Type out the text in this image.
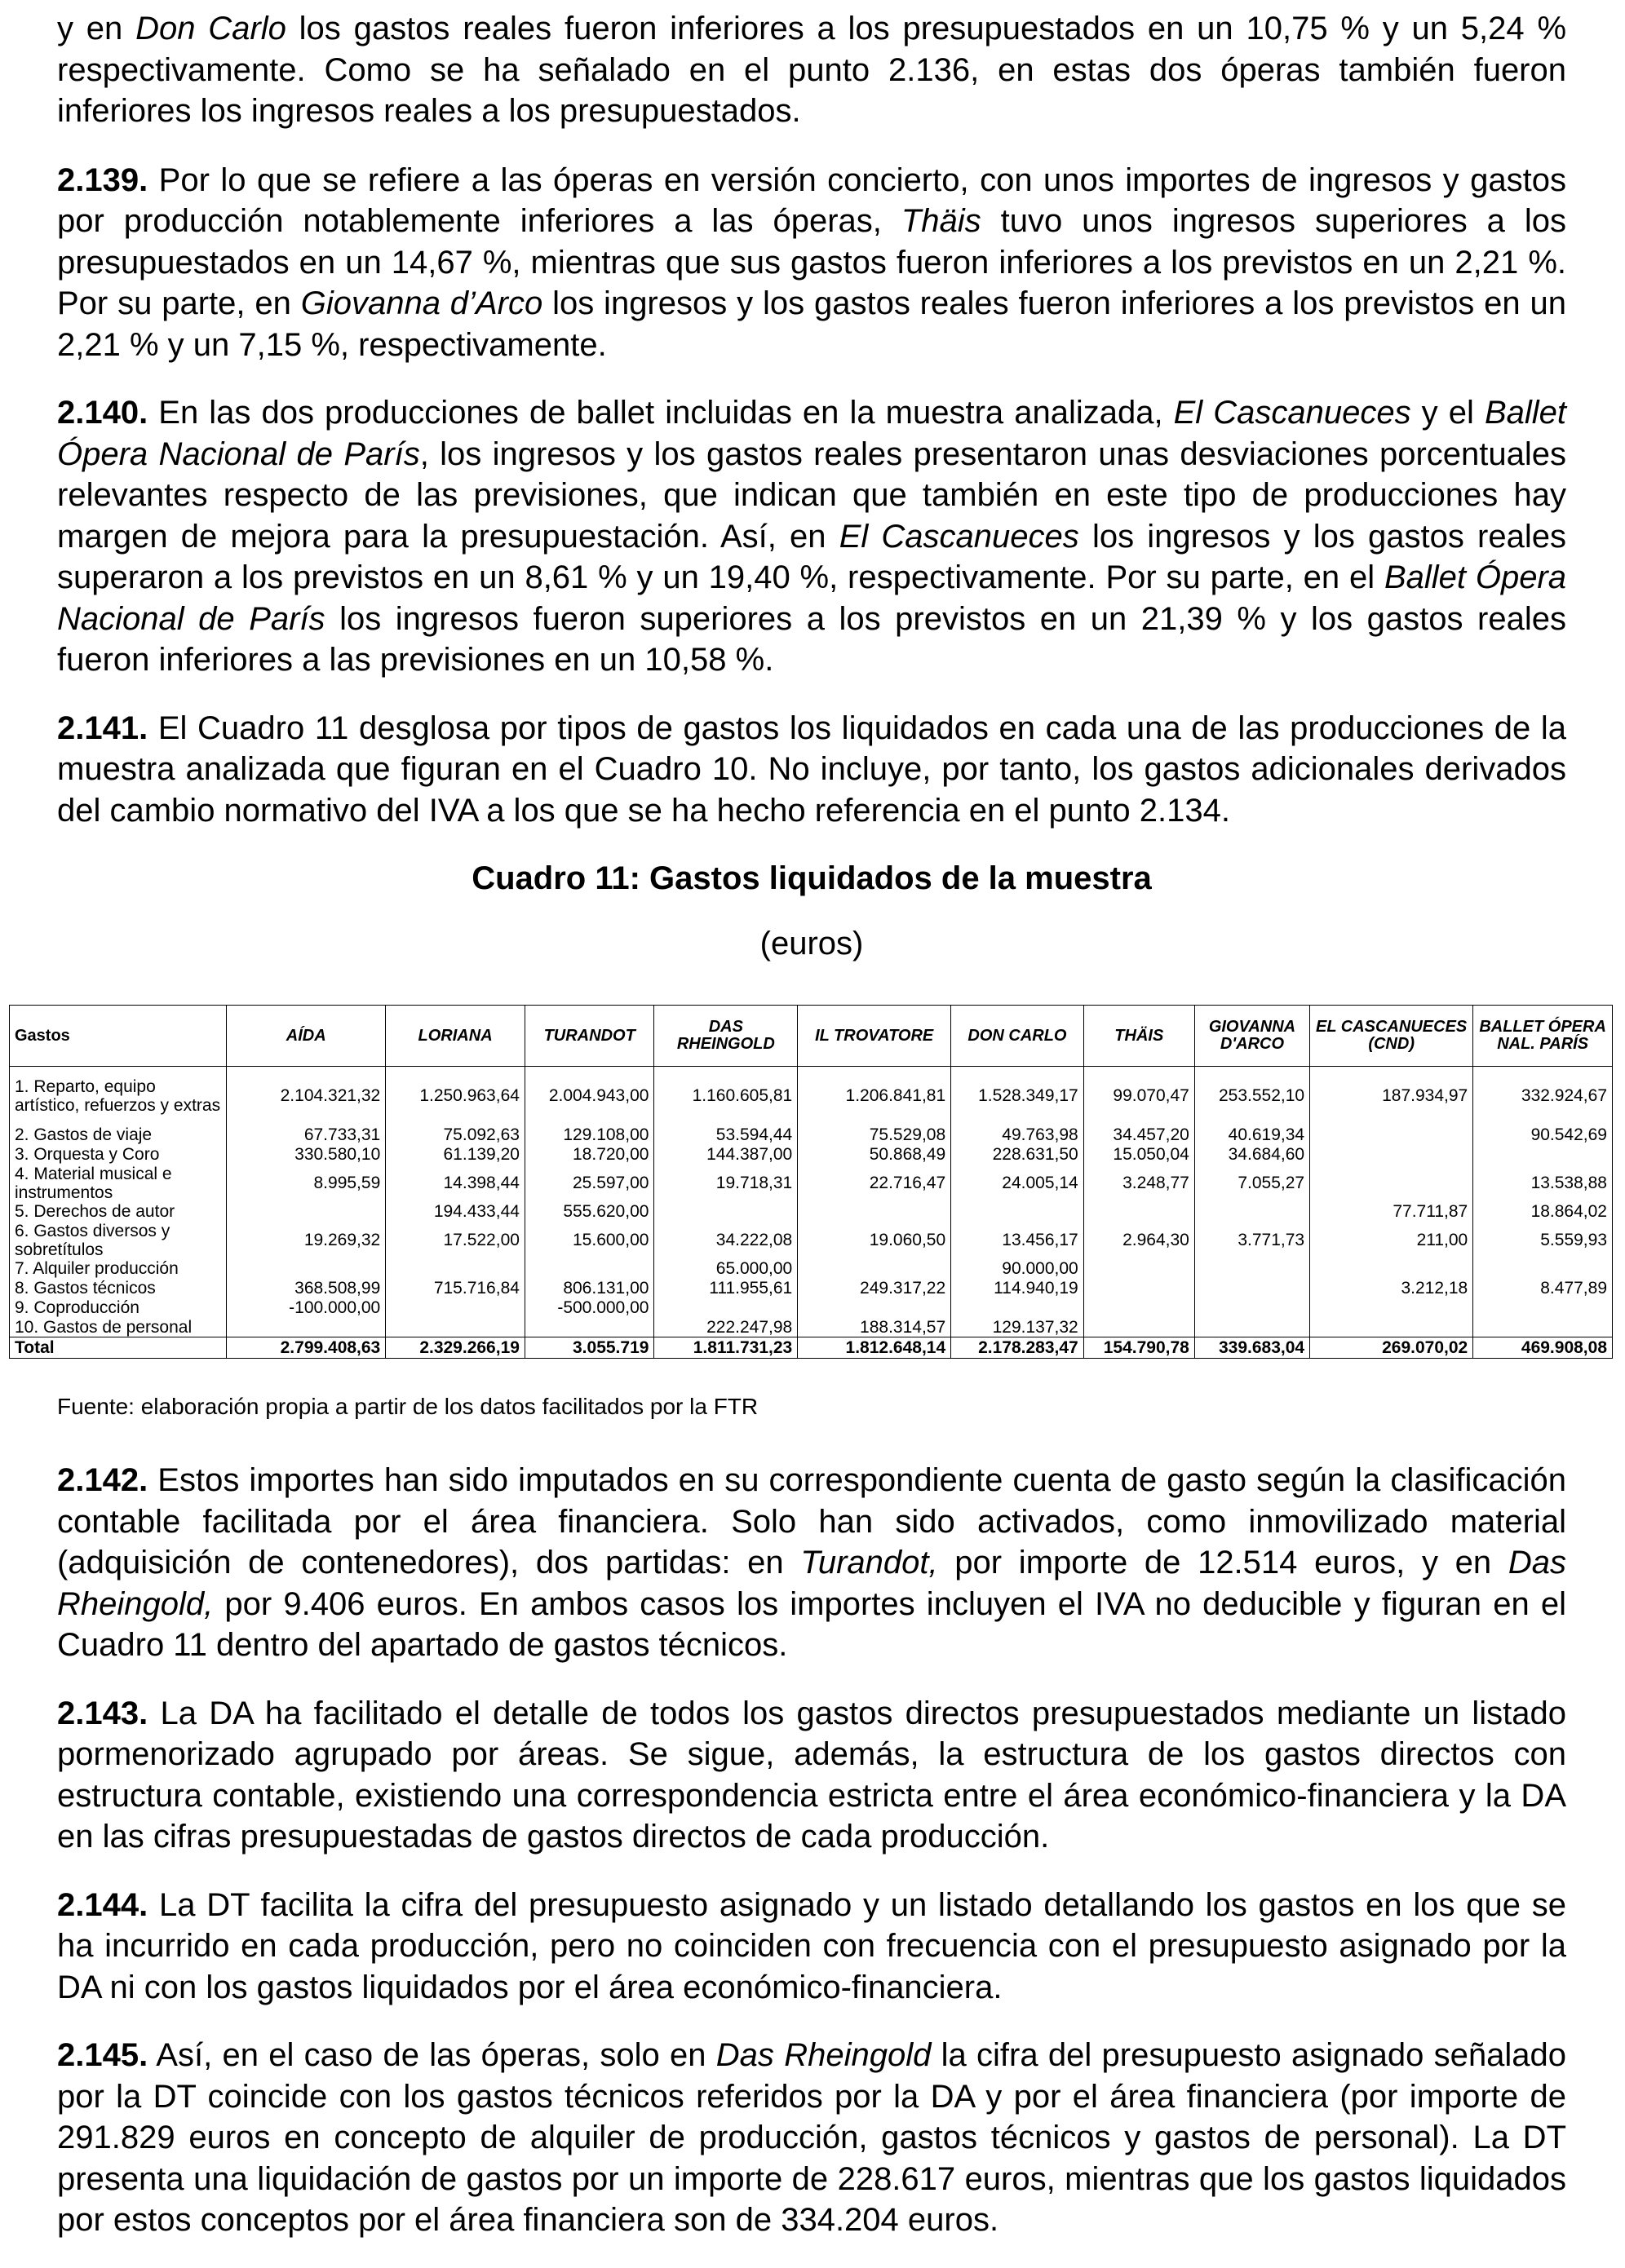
y en Don Carlo los gastos reales fueron inferiores a los presupuestados en un 10,75 % y un 5,24 % respectivamente. Como se ha señalado en el punto 2.136, en estas dos óperas también fueron inferiores los ingresos reales a los presupuestados.

2.139. Por lo que se refiere a las óperas en versión concierto, con unos importes de ingresos y gastos por producción notablemente inferiores a las óperas, Thäis tuvo unos ingresos superiores a los presupuestados en un 14,67 %, mientras que sus gastos fueron inferiores a los previstos en un 2,21 %. Por su parte, en Giovanna d’Arco los ingresos y los gastos reales fueron inferiores a los previstos en un 2,21 % y un 7,15 %, respectivamente.

2.140. En las dos producciones de ballet incluidas en la muestra analizada, El Cascanueces y el Ballet Ópera Nacional de París, los ingresos y los gastos reales presentaron unas desviaciones porcentuales relevantes respecto de las previsiones, que indican que también en este tipo de producciones hay margen de mejora para la presupuestación. Así, en El Cascanueces los ingresos y los gastos reales superaron a los previstos en un 8,61 % y un 19,40 %, respectivamente. Por su parte, en el Ballet Ópera Nacional de París los ingresos fueron superiores a los previstos en un 21,39 % y los gastos reales fueron inferiores a las previsiones en un 10,58 %.

2.141. El Cuadro 11 desglosa por tipos de gastos los liquidados en cada una de las producciones de la muestra analizada que figuran en el Cuadro 10. No incluye, por tanto, los gastos adicionales derivados del cambio normativo del IVA a los que se ha hecho referencia en el punto 2.134.

Cuadro 11: Gastos liquidados de la muestra
(euros)
Gastos	AÍDA	LORIANA	TURANDOT	DAS RHEINGOLD	IL TROVATORE	DON CARLO	THÄIS	GIOVANNA D'ARCO	EL CASCANUECES (CND)	BALLET ÓPERA NAL. PARÍS
1. Reparto, equipo artístico, refuerzos y extras	2.104.321,32	1.250.963,64	2.004.943,00	1.160.605,81	1.206.841,81	1.528.349,17	99.070,47	253.552,10	187.934,97	332.924,67
2. Gastos de viaje	67.733,31	75.092,63	129.108,00	53.594,44	75.529,08	49.763,98	34.457,20	40.619,34		90.542,69
3. Orquesta y Coro	330.580,10	61.139,20	18.720,00	144.387,00	50.868,49	228.631,50	15.050,04	34.684,60		
4. Material musical e instrumentos	8.995,59	14.398,44	25.597,00	19.718,31	22.716,47	24.005,14	3.248,77	7.055,27		13.538,88
5. Derechos de autor		194.433,44	555.620,00						77.711,87	18.864,02
6. Gastos diversos y sobretítulos	19.269,32	17.522,00	15.600,00	34.222,08	19.060,50	13.456,17	2.964,30	3.771,73	211,00	5.559,93
7. Alquiler producción				65.000,00		90.000,00				
8. Gastos técnicos	368.508,99	715.716,84	806.131,00	111.955,61	249.317,22	114.940,19			3.212,18	8.477,89
9. Coproducción	-100.000,00		-500.000,00							
10. Gastos de personal				222.247,98	188.314,57	129.137,32				
Total	2.799.408,63	2.329.266,19	3.055.719	1.811.731,23	1.812.648,14	2.178.283,47	154.790,78	339.683,04	269.070,02	469.908,08
Fuente: elaboración propia a partir de los datos facilitados por la FTR

2.142. Estos importes han sido imputados en su correspondiente cuenta de gasto según la clasificación contable facilitada por el área financiera. Solo han sido activados, como inmovilizado material (adquisición de contenedores), dos partidas: en Turandot, por importe de 12.514 euros, y en Das Rheingold, por 9.406 euros. En ambos casos los importes incluyen el IVA no deducible y figuran en el Cuadro 11 dentro del apartado de gastos técnicos.

2.143. La DA ha facilitado el detalle de todos los gastos directos presupuestados mediante un listado pormenorizado agrupado por áreas. Se sigue, además, la estructura de los gastos directos con estructura contable, existiendo una correspondencia estricta entre el área económico-financiera y la DA en las cifras presupuestadas de gastos directos de cada producción.

2.144. La DT facilita la cifra del presupuesto asignado y un listado detallando los gastos en los que se ha incurrido en cada producción, pero no coinciden con frecuencia con el presupuesto asignado por la DA ni con los gastos liquidados por el área económico-financiera.

2.145. Así, en el caso de las óperas, solo en Das Rheingold la cifra del presupuesto asignado señalado por la DT coincide con los gastos técnicos referidos por la DA y por el área financiera (por importe de 291.829 euros en concepto de alquiler de producción, gastos técnicos y gastos de personal). La DT presenta una liquidación de gastos por un importe de 228.617 euros, mientras que los gastos liquidados por estos conceptos por el área financiera son de 334.204 euros.
